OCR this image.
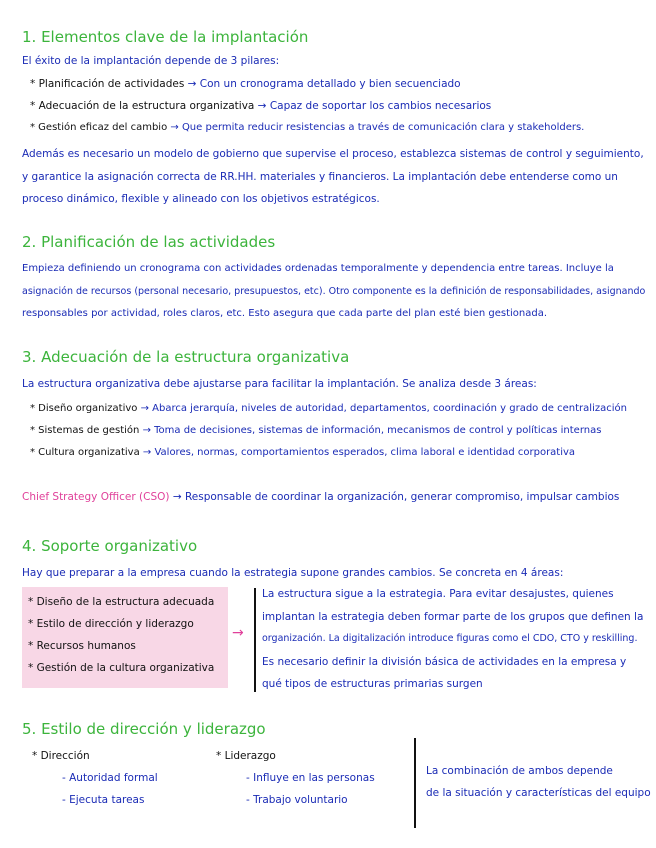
1. Elementos clave de la implantación
El éxito de la implantación depende de 3 pilares:
* Planificación de actividades → Con un cronograma detallado y bien secuenciado
* Adecuación de la estructura organizativa → Capaz de soportar los cambios necesarios
* Gestión eficaz del cambio → Que permita reducir resistencias a través de comunicación clara y stakeholders.
Además es necesario un modelo de gobierno que supervise el proceso, establezca sistemas de control y seguimiento,
y garantice la asignación correcta de RR.HH. materiales y financieros. La implantación debe entenderse como un
proceso dinámico, flexible y alineado con los objetivos estratégicos.
2. Planificación de las actividades
Empieza definiendo un cronograma con actividades ordenadas temporalmente y dependencia entre tareas. Incluye la
asignación de recursos (personal necesario, presupuestos, etc). Otro componente es la definición de responsabilidades, asignando
responsables por actividad, roles claros, etc. Esto asegura que cada parte del plan esté bien gestionada.
3. Adecuación de la estructura organizativa
La estructura organizativa debe ajustarse para facilitar la implantación. Se analiza desde 3 áreas:
* Diseño organizativo → Abarca jerarquía, niveles de autoridad, departamentos, coordinación y grado de centralización
* Sistemas de gestión → Toma de decisiones, sistemas de información, mecanismos de control y políticas internas
* Cultura organizativa → Valores, normas, comportamientos esperados, clima laboral e identidad corporativa
Chief Strategy Officer (CSO) → Responsable de coordinar la organización, generar compromiso, impulsar cambios
4. Soporte organizativo
Hay que preparar a la empresa cuando la estrategia supone grandes cambios. Se concreta en 4 áreas:
* Diseño de la estructura adecuada
* Estilo de dirección y liderazgo
* Recursos humanos
* Gestión de la cultura organizativa
→
La estructura sigue a la estrategia. Para evitar desajustes, quienes
implantan la estrategia deben formar parte de los grupos que definen la
organización. La digitalización introduce figuras como el CDO, CTO y reskilling.
Es necesario definir la división básica de actividades en la empresa y
qué tipos de estructuras primarias surgen
5. Estilo de dirección y liderazgo
* Dirección
- Autoridad formal
- Ejecuta tareas
* Liderazgo
- Influye en las personas
- Trabajo voluntario
La combinación de ambos depende
de la situación y características del equipo
